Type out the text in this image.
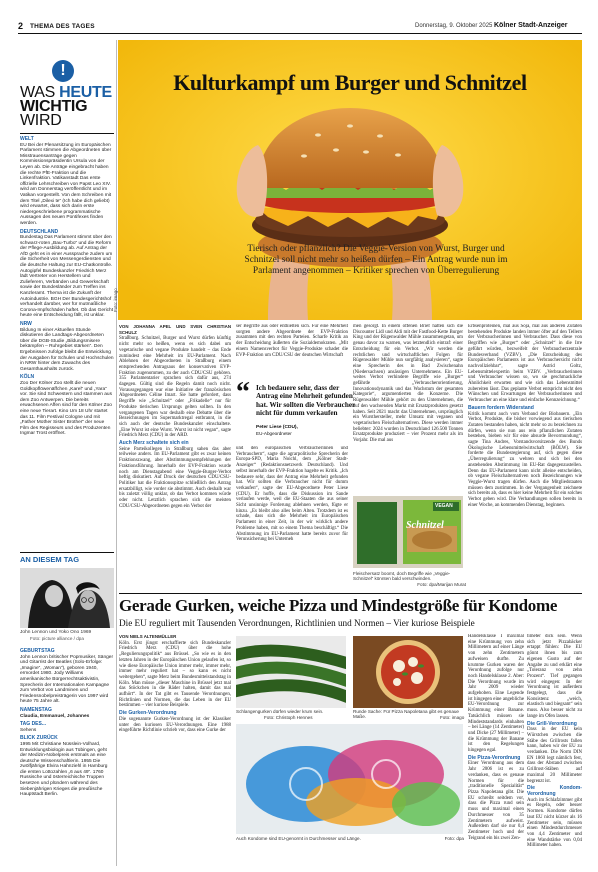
2 THEMA DES TAGES	Donnerstag, 9. Oktober 2025 Kölner Stadt-Anzeiger
!
WAS HEUTE
WICHTIG
WIRD
WELT
EU Bei der Plenarsitzung im Europäischen Parlament stimmen die Abgeordneten über Misstrauensanträge gegen Kommissionspräsidentin Ursula von der Leyen ab. Die Anträge eingebracht haben die rechte PfE-Fraktion und die Linkenfraktion. Vatikanstadt Das erste offizielle Lehrschreiben von Papst Leo XIV. wird am Donnerstag veröffentlicht und im Vatikan vorgestellt. Von dem Schreiben mit dem Titel „Dilexi te“ (Ich habe dich geliebt) wird erwartet, dass sich darin erste niedergeschriebene programmatische Aussagen des neuen Pontifexes finden werden.
DEUTSCHLAND
Bundestag Das Parlament stimmt über den schwarz-roten „Bau-Turbo“ und die Reform der Pflege-Ausbildung ab. Auf Antrag der AfD geht es in einer Aussprache zudem um die Sicherheit von Messengerdiensten und die deutsche Haltung zur EU-Chatkontrolle. Autogipfel Bundeskanzler Friedrich Merz lädt Vertreter von Herstellern und Zulieferern, Verbänden und Gewerkschaft sowie der Bundesländer zum Treffen ins Kanzleramt. Thema ist die Zukunft der Autoindustrie. BGH Der Bundesgerichtshof verhandelt darüber, wer für mutmaßliche Corona-Impfschäden haftet. Ob das Gericht heute eine Entscheidung fällt, ist unklar.
NRW
Bildung In einer Aktuellen Stunde diskutieren die Landtags-Abgeordneten über die DGB-Studie „Bildungsmisere bekämpfen – Ruhrgebiet stärken“. Den Ergebnissen zufolge bleibt die Entwicklung der Ausgaben für Schulen und Hochschulen in NRW hinter dem Zuwachs des Gesamthaushalts zurück.
KÖLN
Zoo Der Kölner Zoo stellt die neuen Goldkopflöwenäffchen „Karel“ und „Yara“ vor. Sie sind Schwestern und stammen aus dem Zoo Antwerpen. Die bereits erwachsenen Affen sind für den Kölner Zoo eine neue Tierart. Kino Um 18 Uhr startet das 11. Film Festival Cologne und mit „Father Mother Sister Brother“ der neue Film des Regisseurs und des Produzenten Ingmar Trost eröffnet.
AN DIESEM TAG
John Lennon und Yoko Ono 1969
Foto: picture alliance / dpa
GEBURTSTAG
John Lennon britischer Popmusiker, Sänger und Gitarrist der Beatles (Solo-Erfolge: „Imagine“, „Woman“), geboren 1940, ermordet 1980. Jody Williams amerikanische Bürgerrechtsaktivistin, Sprecherin der Internationalen Kampagne zum Verbot von Landminen und Friedensnobelpreisträgerin von 1997 wird heute 75 Jahre alt.
NAMENSTAG
Claudia, Emmanuel, Johannes
TAG DES...
Sehens
BLICK ZURÜCK
1995 Mit Christiane Nüsslein-Volhard, Entwicklungsbiologin aus Tübingen, geht der Medizin-Nobelpreis erstmals an eine deutsche Wissenschaftlerin. 1955 Die zwölfjährige Elvira Hahnziehl in Hamburg die ersten Lottozahlen „6 aus 49“. 1760 Russische und österreichische Truppen besetzen und plündern während des Siebenjährigen Krieges die preußische Hauptstadt Berlin.
Kulturkampf um Burger und Schnitzel
Tierisch oder pflanzlich? Die Veggie-Version von Wurst, Burger und Schnitzel soll nicht mehr so heißen dürfen – Ein Antrag wurde nun im Parlament angenommen – Kritiker sprechen von Überregulierung
Foto: imago

VON JOHANNA APEL UND SVEN CHRISTIAN SCHULZ

Straßburg. Schnitzel, Burger und Wurst dürfen künftig nicht mehr so heißen, wenn es sich dabei um vegetarische und vegane Produkte handelt – das Ende zumindest eine Mehrheit im EU-Parlament. Nach Ablehnen der Abgeordneten in Straßburg einem entsprechenden Antragsaus der konservativen EVP-Fraktion zugenommen, zu der auch CDU/CSU gehören. 355 Parlamentarier sprachen sich dafür aus, 274 dagegen. Gültig sind die Regeln damit noch nicht. Voraussgegangen war eine Initiative der französischen Abgeordneten Céline Imart. Sie hatte gefordert, dass Begriffe wie „Schnitzel“ oder „Frikadelle“ nur für Produkte tierischen Ursprungs gelten sollten. In den vergangenen Tagen war deshalb eine Debatte über die Bezeichnungen im Supermarktregal entbrannt, in die sich auch der deutsche Bundeskanzler einschaltete. „Eine Wurst ist eine Wurst. Wurst ist nicht vegan“, sagte Friedrich Merz (CDU) in der ARD.

Auch Merz schaltete sich ein

Seine Parteikollegen in Straßburg sahen das aber teilweise anders. Im EU-Parlament gibt es zwar keinen Fraktionszwang, aber Abstimmungsempfehlungen der Fraktionsführung. Innerhalb der EVP-Fraktion wurde noch am Dienstagabend eine Veggie-Burger-Verbot heftig diskutiert. Auf Druck der deutschen CDU/CSU-Politiker hat die Fraktionsspitze schließlich den Antrag ersatzbilligt, wie vorder sie abstimmt. Auch deshalb war bis zuletzt völlig unklar, ob das Verbot kommen würde oder nicht. Letztlich sprachen sich die meisten CDU/CSU-Abgeordneten gegen ein Verbot der

ser Begriffe aus oder enthielten sich. Für eine Mehrheit sorgten andere Abgeordnete der EVP-Fraktion zusammen mit den rechten Parteien. Scharfe Kritik an der Entscheidung äußerten die Sozialdemokraten. „Mit einem Namensverbot für Veggie-Produkte schadet die EVP-Fraktion um CDU/CSU der deutschen Wirtschaft

“ Ich bedauere sehr, dass der Antrag eine Mehrheit gefunden hat. Wir sollten die Verbraucher nicht für dumm verkaufen
Peter Liese (CDU),
EU-Abgeordneter

und den europäischen Verbraucherinnen und Verbrauchern“, sagte die agrarpolitische Sprecherin der Europa-SPD, Maria Noichl, dem „Kölner Stadt-Anzeiger“ (Redaktionsnetzwerk Deutschland). Und selbst innerhalb der EVP-Fraktion hagelte es Kritik. „Ich bedauere sehr, dass der Antrag eine Mehrheit gefunden hat. Wir sollten die Verbraucher nicht für dumm verkaufen“, sagte der EU-Abgeordnete Peter Liese (CDU). Er hoffe, dass die Diskussion im Sande verlaufen werde, weil die EU-Staaten die aus seiner Sicht unsinnige Forderung ablehnen werden, fügte er hinzu. „Es bleibt also alles beim Alten. Trotzdem ist es schade, dass sich die Mehrheit im Europäischen Parlament in einer Zeit, in der wir wirklich andere Probleme haben, mit so einem Thema beschäftigt.“ Die Abstimmung im EU-Parlament hatte bereits zuvor für Verunsicherung bei Unterneh

men gesorgt. In einem offenen Brief hatten sich die Discounter Lidl und Aldi mit der Fastfood-Kette Burger King und der Rügenwalder Mühle zusammengetan, um genau davor zu warnen, was letztendlich eintraf: einer Entscheidung für ein Verbot. „Wir werden die rechtlichen und wirtschaftlichen Folgen für Rügenwalder Mühle nun sorgfältig analysieren“, sagte eine Sprecherin des in Bad Zwischenahn (Niedersachsen) ansässigen Unternehmens. Ein EU-weites Verbot verhindere Begriffe wie „Burger“ gefährde „Verbraucherorientierung, Innovationsdynamik und das Wachstum der gesamten Kategorie“, argumentierten die Konzerne. Die Rügenwalder Mühle gehört zu den Unternehmen, die auf den wachsenden Markt mit Ersatzprodukten gesetzt haben. Seit 2021 macht das Unternehmen, ursprünglich ein Wursthersteller, mehr Umsatz mit veganen und vegetarischen Fleischalternativen. Diese werden immer beliebter: 2024 wurden in Deutschland 126.500 Tonnen Ersatzprodukte produziert – vier Prozent mehr als im Vorjahr. Die mal aus

Schnitzel
VEGAN
Fleischersatz boomt, doch Begriffe wie „Veggie-Schnitzel“ könnten bald verschwinden.
Foto: dpa/Marijan Murat

Erbsenproteinen, mal aus Soja, mal aus anderen Zutaten bestehenden Produkte landen immer öfter auf den Tellern der Verbraucherinnen und Verbraucher. Dass diese von Begriffen wie „Burger“ oder „Schnitzel“ in die Irre geführt würden, bezweifelt der Verbraucherzentrale Bundesverband (VZBV). „Die Entscheidung des Europäischen Parlaments ist aus Verbrauchersicht nicht nachvollziehbar“, sagte Astrid Goltz, Lebensmittelexpertin beim VZBV. „Verbraucherinnen und Verbraucher wissen so, wo sie geschmackliche Ähnlichkeit erwarten und wie sich das Lebensmittel zubereiten lässt. Das geplante Verbot entspricht nicht den Wünschen und Erwartungen der Verbraucherinnen und Verbraucher an eine klare und einfache Kennzeichnung.“

Bauern fordern Widerstand

Kritik kommt auch vom Verband der Biobauern. „Ein Verbot, Produkte, die bisher vorwiegend aus tierischen Zutaten bestanden haben, nicht mehr so zu bezeichnen zu dürfen, wenn sie nun aus rein pflanzlichen Zutaten bestehen, bieben wir für eine absurde Bevormundung“, sagte Tina Andres, Vorstandsvorsitzende des Bunds Ökologische Lebensmittelwirtschaft (BÖLW). Sie forderte die Bundesregierung auf, sich gegen diese „Überregulierung“ zu wehren und sich bei den anstehenden Abstimmung im EU-Rat dagegenzustellen. Denn das EU-Parlament kann nicht alleine entscheiden, ob vegane Fleischalternativen noch Bezeichnungen wie Veggie-Wurst tragen dürfen. Auch die Mitgliedstaaten müssen dem zustimmen. In der Vergangenheit zeichnete sich bereits ab, dass es hier keine Mehrheit für ein solches Verbot geben wird. Die Verhandlungen sollen bereits in einer Woche, an kommenden Dienstag, beginnen.

Gerade Gurken, weiche Pizza und Mindestgröße für Kondome
Die EU reguliert mit Tausenden Verordnungen, Richtlinien und Normen – Vier kuriose Beispiele

VON NIELS ALTENMÜLLER

Köln. Erst jüngst erschaffierte sich Bundeskanzler Friedrich Merz (CDU) über die hohe „Regulierungspolitik“ aus Brüssel. „So wie es in den letzten Jahren in der Europäischen Union gelaufen ist, so wie diese Europäische Union immer mehr, immer mehr, immer mehr reguliert hat – so kann es nicht weitergehen“, sagte Merz beim Bundesmittelstandstag in Köln. Man müsse „dieser Maschine in Brüssel jetzt mal das Stöckchen in die Räder halten, damit das mal aufhört“. In der Tat gibt es Tausende Verordnungen, Richtlinien und Normen, die das Leben in der EU bestimmen – vier kuriose Beispiele.

Die Gurken-Verordnung

Die sogenannte Gurken-Verordnung ist der Klassiker unter den kuriosen EU-Verordnungen. Eine 1988 eingeführte Richtlinie schrieb vor, dass eine Gurke der

Schlangengurken dürfen wieder krum sein.
Foto: Christoph Hennes
Runde Sache: Für Pizza Napoletana gibt es genaue Maße.	Foto: imago
Auch Kondome sind EU-genormt in Durchmesser und Länge.	Foto: dpa

Handelsklasse I maximal eine Krümmung von zehn Millimetern auf einer Länge von zehn Zentimetern aufweisen durfte. Zu krumme Gurken waren der Verordnung zufolge nur noch Handelsklasse 2. Aber: Die Verordnung wurde im Jahr 2009 wieder aufgehoben. Eine Legende ist hingegen eine angebliche EU-Verordnung zur Krümmung einer Banane. Tatsächlich müssen sie Mindeststandards einhalten – bei Länge (14 Zentimeter) und Dicke (27 Millimeter) – die Krümmung der Banane ist den Regelungen hingegen egal.

Die Pizza-Verordnung

Einer Verordnung aus dem Jahr 2006 ist es zu verdanken, dass es genaue Normen für die „traditionelle Spezialität“ Pizza Napoletana gibt. Die EU schreibt seitdem vor, dass die Pizza rund sein muss und maximal einen Durchmesser von 35 Zentimetern aufweist. Außerdem darf sie nur 0,4 Zentimeter hoch und der Teigrand ein bis zwei Zen-

timeter dick sein. Wenn sich jetzt Pizzabäcker ertappt fühlen: Die EU gönnt ihnen bis zum eigenen Gusto auf der Angabe zu und erklärt eine „Toleranz von zehn Prozent“. Tief gegangen wird eingegen: In der Verordnung ist außerdem festgelegt, dass die Konsistenz „weich, elastisch und biegsam“ sein muss. Also besser nicht zu lange im Ofen lassen.

Die Grill-Verordnung

Dass in der EU kein Würstchen zwischen die Stäbe des Grillrosts fallen kann, haben wir der EU zu verdanken. Die Norm DIN EN 1860 legt nämlich fest, dass der Abstand zwischen Grillrost-Stäben auf maximal 20 Millimeter begrenzt ist.

Die Kondom-Verordnung

Auch im Schlafzimmer gibt es Regeln, oder besser Normen. Kondome dürfen laut EU nicht kürzer als 16 Zentimeter sein, müssen einen Mindestdurchmesser von 4,4 Zentimeter und eine Wandstärke von 0,04 Millimeter haben.
